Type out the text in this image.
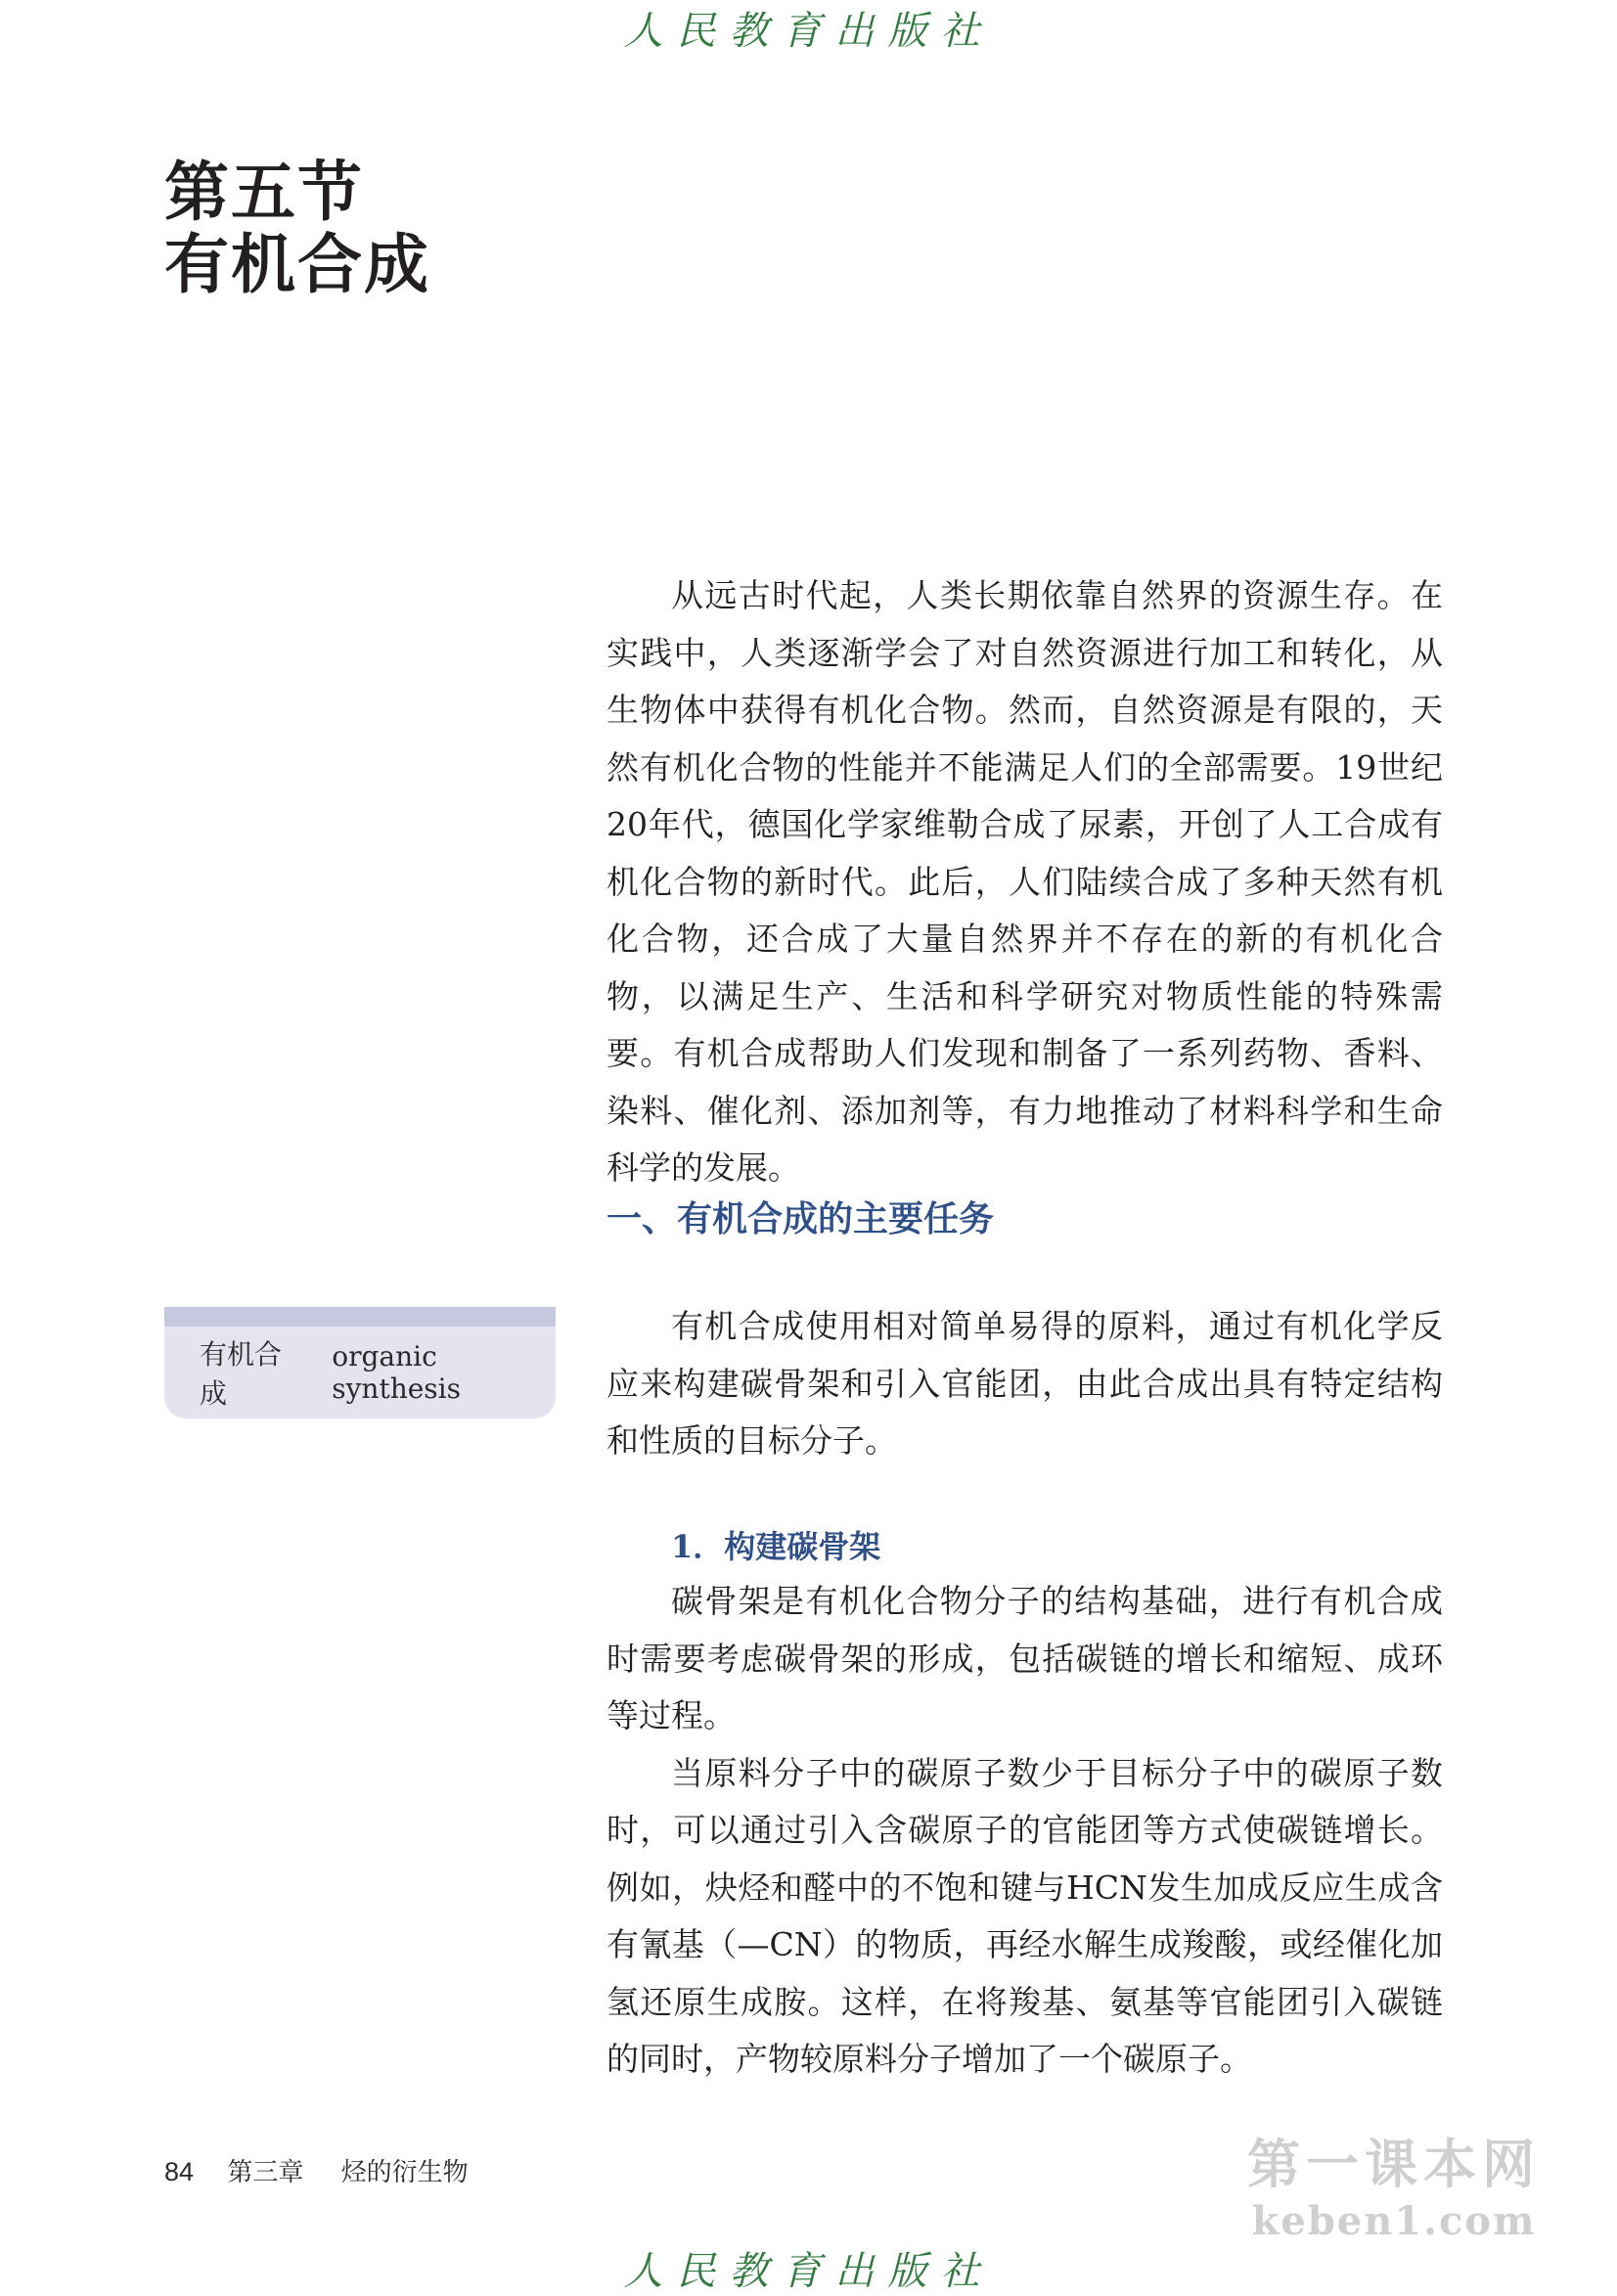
人民教育出版社
第五节
有机合成

从远古时代起，人类长期依靠自然界的资源生存。在实践中，人类逐渐学会了对自然资源进行加工和转化，从生物体中获得有机化合物。然而，自然资源是有限的，天然有机化合物的性能并不能满足人们的全部需要。19世纪20年代，德国化学家维勒合成了尿素，开创了人工合成有机化合物的新时代。此后，人们陆续合成了多种天然有机化合物，还合成了大量自然界并不存在的新的有机化合物，以满足生产、生活和科学研究对物质性能的特殊需要。有机合成帮助人们发现和制备了一系列药物、香料、染料、催化剂、添加剂等，有力地推动了材料科学和生命科学的发展。

一、有机合成的主要任务
有机合成
organic synthesis

有机合成使用相对简单易得的原料，通过有机化学反应来构建碳骨架和引入官能团，由此合成出具有特定结构和性质的目标分子。

1．构建碳骨架

碳骨架是有机化合物分子的结构基础，进行有机合成时需要考虑碳骨架的形成，包括碳链的增长和缩短、成环等过程。

当原料分子中的碳原子数少于目标分子中的碳原子数时，可以通过引入含碳原子的官能团等方式使碳链增长。例如，炔烃和醛中的不饱和键与HCN发生加成反应生成含有氰基（—CN）的物质，再经水解生成羧酸，或经催化加氢还原生成胺。这样，在将羧基、氨基等官能团引入碳链的同时，产物较原料分子增加了一个碳原子。

84 第三章 烃的衍生物	第一课本网
keben1.com
人民教育出版社
